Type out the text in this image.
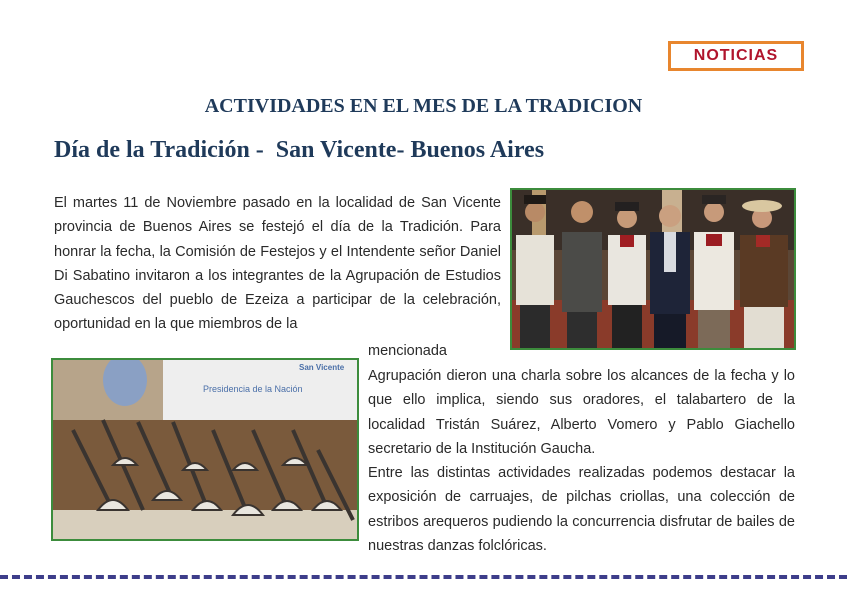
NOTICIAS
ACTIVIDADES EN EL MES DE LA TRADICION
Día de la Tradición -  San Vicente- Buenos Aires

El martes 11 de Noviembre pasado en la localidad de San Vicente provincia de Buenos Aires se festejó el día de la Tradición. Para honrar la fecha, la Comisión de Festejos y el Intendente señor Daniel Di Sabatino invitaron a los integrantes de la Agrupación de Estudios Gauchescos del pueblo de Ezeiza a participar de la celebración, oportunidad en la que miembros de la

mencionada

Presidencia de la Nación
San Vicente
Agrupación dieron una charla sobre los alcances de la fecha y lo que ello implica, siendo sus oradores, el talabartero de la localidad Tristán Suárez, Alberto Vomero y Pablo Giachello secretario de la Institución Gaucha.
Entre las distintas actividades realizadas podemos destacar la exposición de carruajes, de pilchas criollas, una colección de estribos arequeros pudiendo la concurrencia disfrutar de bailes de nuestras danzas folclóricas.
